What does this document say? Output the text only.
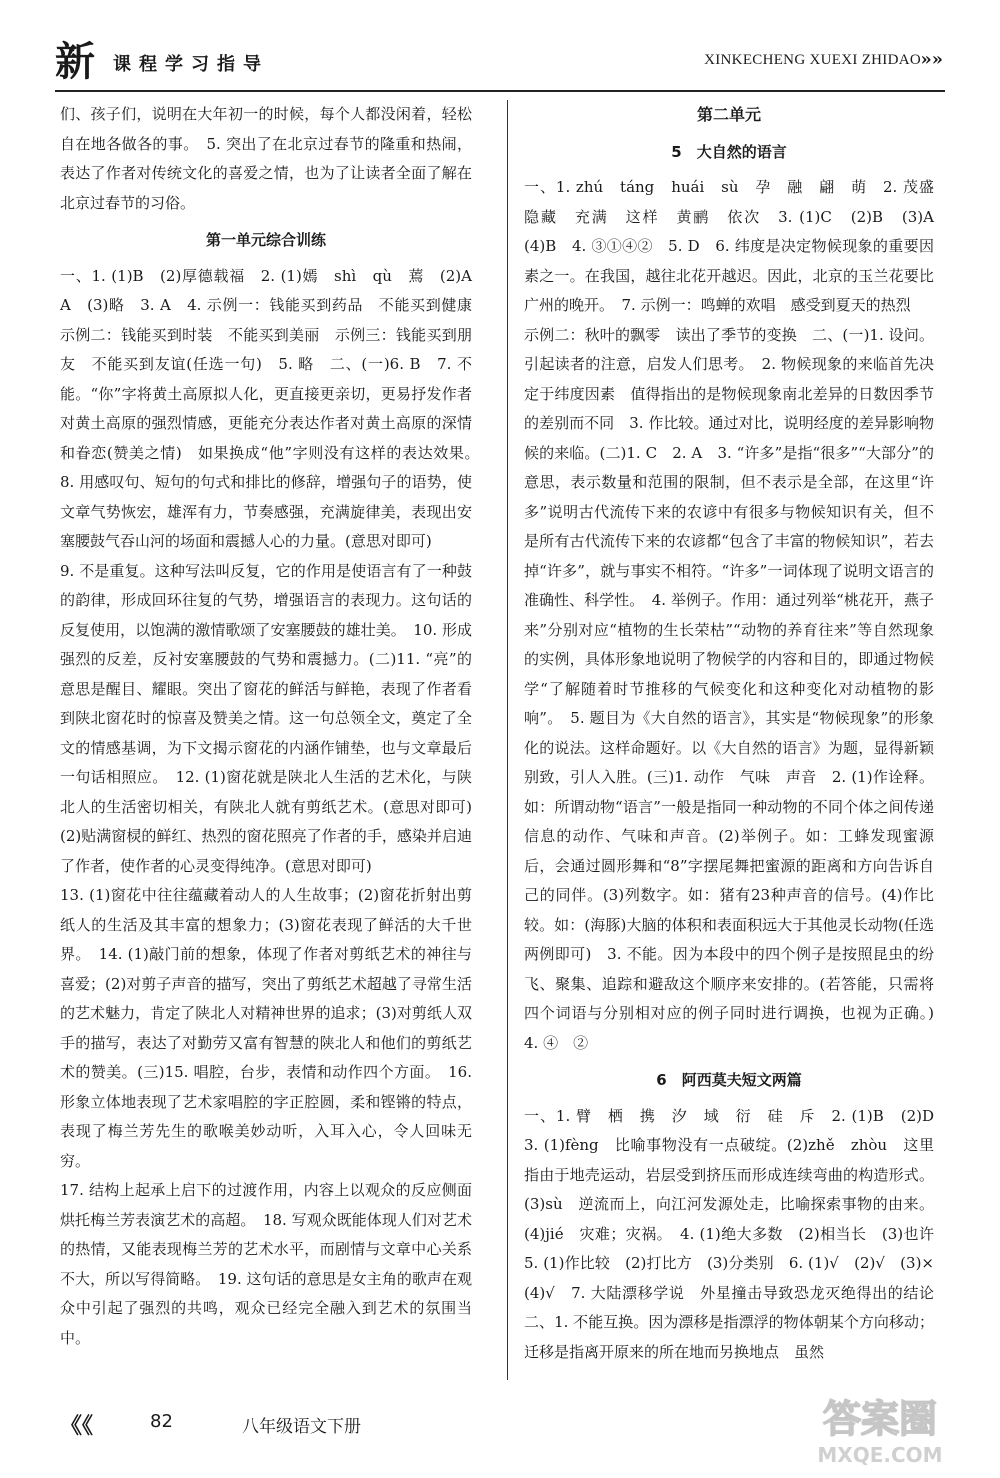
新 课程学习指导	XINKECHENG XUEXI ZHIDAO »»

们、孩子们，说明在大年初一的时候，每个人都没闲着，轻松自在地各做各的事。　5. 突出了在北京过春节的隆重和热闹，表达了作者对传统文化的喜爱之情，也为了让读者全面了解在北京过春节的习俗。

第一单元综合训练

一、1. (1)B　(2)厚德载福　2. (1)嫣　shì　qù　蔫　(2)A　A　(3)略　3. A　4. 示例一：钱能买到药品　不能买到健康　示例二：钱能买到时装　不能买到美丽　示例三：钱能买到朋友　不能买到友谊(任选一句)　5. 略　二、(一)6. B　7. 不能。“你”字将黄土高原拟人化，更直接更亲切，更易抒发作者对黄土高原的强烈情感，更能充分表达作者对黄土高原的深情和眷恋(赞美之情)　如果换成“他”字则没有这样的表达效果。　8. 用感叹句、短句的句式和排比的修辞，增强句子的语势，使文章气势恢宏，雄浑有力，节奏感强，充满旋律美，表现出安塞腰鼓气吞山河的场面和震撼人心的力量。(意思对即可)

9. 不是重复。这种写法叫反复，它的作用是使语言有了一种鼓的韵律，形成回环往复的气势，增强语言的表现力。这句话的反复使用，以饱满的激情歌颂了安塞腰鼓的雄壮美。　10. 形成强烈的反差，反衬安塞腰鼓的气势和震撼力。(二)11. “亮”的意思是醒目、耀眼。突出了窗花的鲜活与鲜艳，表现了作者看到陕北窗花时的惊喜及赞美之情。这一句总领全文，奠定了全文的情感基调，为下文揭示窗花的内涵作铺垫，也与文章最后一句话相照应。　12. (1)窗花就是陕北人生活的艺术化，与陕北人的生活密切相关，有陕北人就有剪纸艺术。(意思对即可)　(2)贴满窗棂的鲜红、热烈的窗花照亮了作者的手，感染并启迪了作者，使作者的心灵变得纯净。(意思对即可)

13. (1)窗花中往往蕴藏着动人的人生故事；(2)窗花折射出剪纸人的生活及其丰富的想象力；(3)窗花表现了鲜活的大千世界。　14. (1)敲门前的想象，体现了作者对剪纸艺术的神往与喜爱；(2)对剪子声音的描写，突出了剪纸艺术超越了寻常生活的艺术魅力，肯定了陕北人对精神世界的追求；(3)对剪纸人双手的描写，表达了对勤劳又富有智慧的陕北人和他们的剪纸艺术的赞美。(三)15. 唱腔，台步，表情和动作四个方面。　16. 形象立体地表现了艺术家唱腔的字正腔圆，柔和铿锵的特点，表现了梅兰芳先生的歌喉美妙动听，入耳入心，令人回味无穷。

17. 结构上起承上启下的过渡作用，内容上以观众的反应侧面烘托梅兰芳表演艺术的高超。　18. 写观众既能体现人们对艺术的热情，又能表现梅兰芳的艺术水平，而剧情与文章中心关系不大，所以写得简略。　19. 这句话的意思是女主角的歌声在观众中引起了强烈的共鸣，观众已经完全融入到艺术的氛围当中。

第二单元
5　大自然的语言

一、1. zhú　táng　huái　sù　孕　融　翩　萌　2. 茂盛　隐藏　充满　这样　黄鹂　依次　3. (1)C　(2)B　(3)A　(4)B　4. ③①④②　5. D　6. 纬度是决定物候现象的重要因素之一。在我国，越往北花开越迟。因此，北京的玉兰花要比广州的晚开。　7. 示例一：鸣蝉的欢唱　感受到夏天的热烈

示例二：秋叶的飘零　读出了季节的变换　二、(一)1. 设问。引起读者的注意，启发人们思考。　2. 物候现象的来临首先决定于纬度因素　值得指出的是物候现象南北差异的日数因季节的差别而不同　3. 作比较。通过对比，说明经度的差异影响物候的来临。(二)1. C　2. A　3. “许多”是指“很多”“大部分”的意思，表示数量和范围的限制，但不表示是全部，在这里“许多”说明古代流传下来的农谚中有很多与物候知识有关，但不是所有古代流传下来的农谚都“包含了丰富的物候知识”，若去掉“许多”，就与事实不相符。“许多”一词体现了说明文语言的准确性、科学性。　4. 举例子。作用：通过列举“桃花开，燕子来”分别对应“植物的生长荣枯”“动物的养育往来”等自然现象的实例，具体形象地说明了物候学的内容和目的，即通过物候学“了解随着时节推移的气候变化和这种变化对动植物的影响”。　5. 题目为《大自然的语言》，其实是“物候现象”的形象化的说法。这样命题好。以《大自然的语言》为题，显得新颖别致，引人入胜。(三)1. 动作　气味　声音　2. (1)作诠释。如：所谓动物“语言”一般是指同一种动物的不同个体之间传递信息的动作、气味和声音。(2)举例子。如：工蜂发现蜜源后，会通过圆形舞和“8”字摆尾舞把蜜源的距离和方向告诉自己的同伴。(3)列数字。如：猪有23种声音的信号。(4)作比较。如：(海豚)大脑的体积和表面积远大于其他灵长动物(任选两例即可)　3. 不能。因为本段中的四个例子是按照昆虫的纷飞、聚集、追踪和避敌这个顺序来安排的。(若答能，只需将四个词语与分别相对应的例子同时进行调换，也视为正确。)　4. ④　②

6　阿西莫夫短文两篇

一、1. 臂　栖　携　汐　域　衍　硅　斥　2. (1)B　(2)D　3. (1)fèng　比喻事物没有一点破绽。(2)zhě　zhòu　这里指由于地壳运动，岩层受到挤压而形成连续弯曲的构造形式。(3)sù　逆流而上，向江河发源处走，比喻探索事物的由来。(4)jié　灾难；灾祸。　4. (1)绝大多数　(2)相当长　(3)也许　5. (1)作比较　(2)打比方　(3)分类别　6. (1)√　(2)√　(3)×　(4)√　7. 大陆漂移学说　外星撞击导致恐龙灭绝得出的结论　二、1. 不能互换。因为漂移是指漂浮的物体朝某个方向移动；迁移是指离开原来的所在地而另换地点　虽然

《《	82	八年级语文下册	答案圈
MXQE.COM
